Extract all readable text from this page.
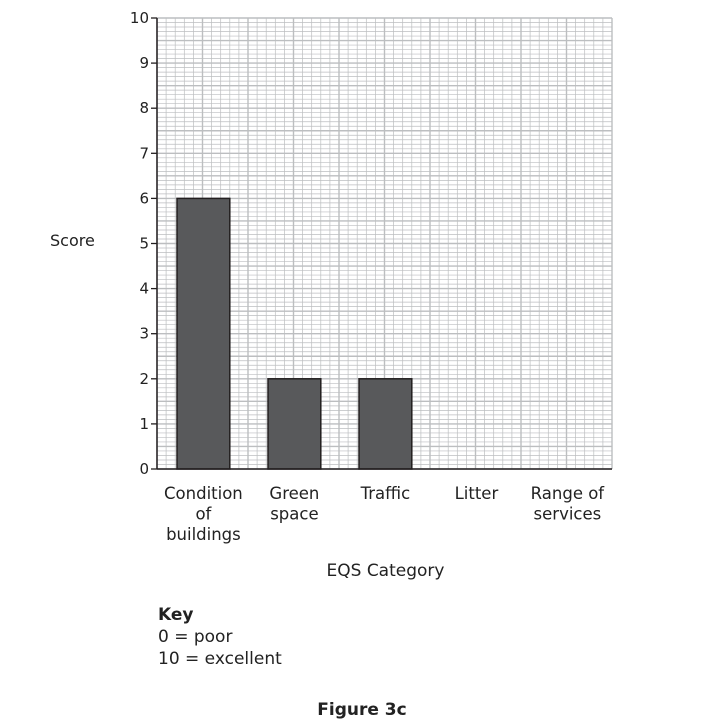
0
1
2
3
4
5
6
7
8
9
10
Condition
of
buildings
Green
space
Traffic	Litter Range of
services
Score
EQS Category
Key
0 = poor
10 = excellent
Figure 3c
